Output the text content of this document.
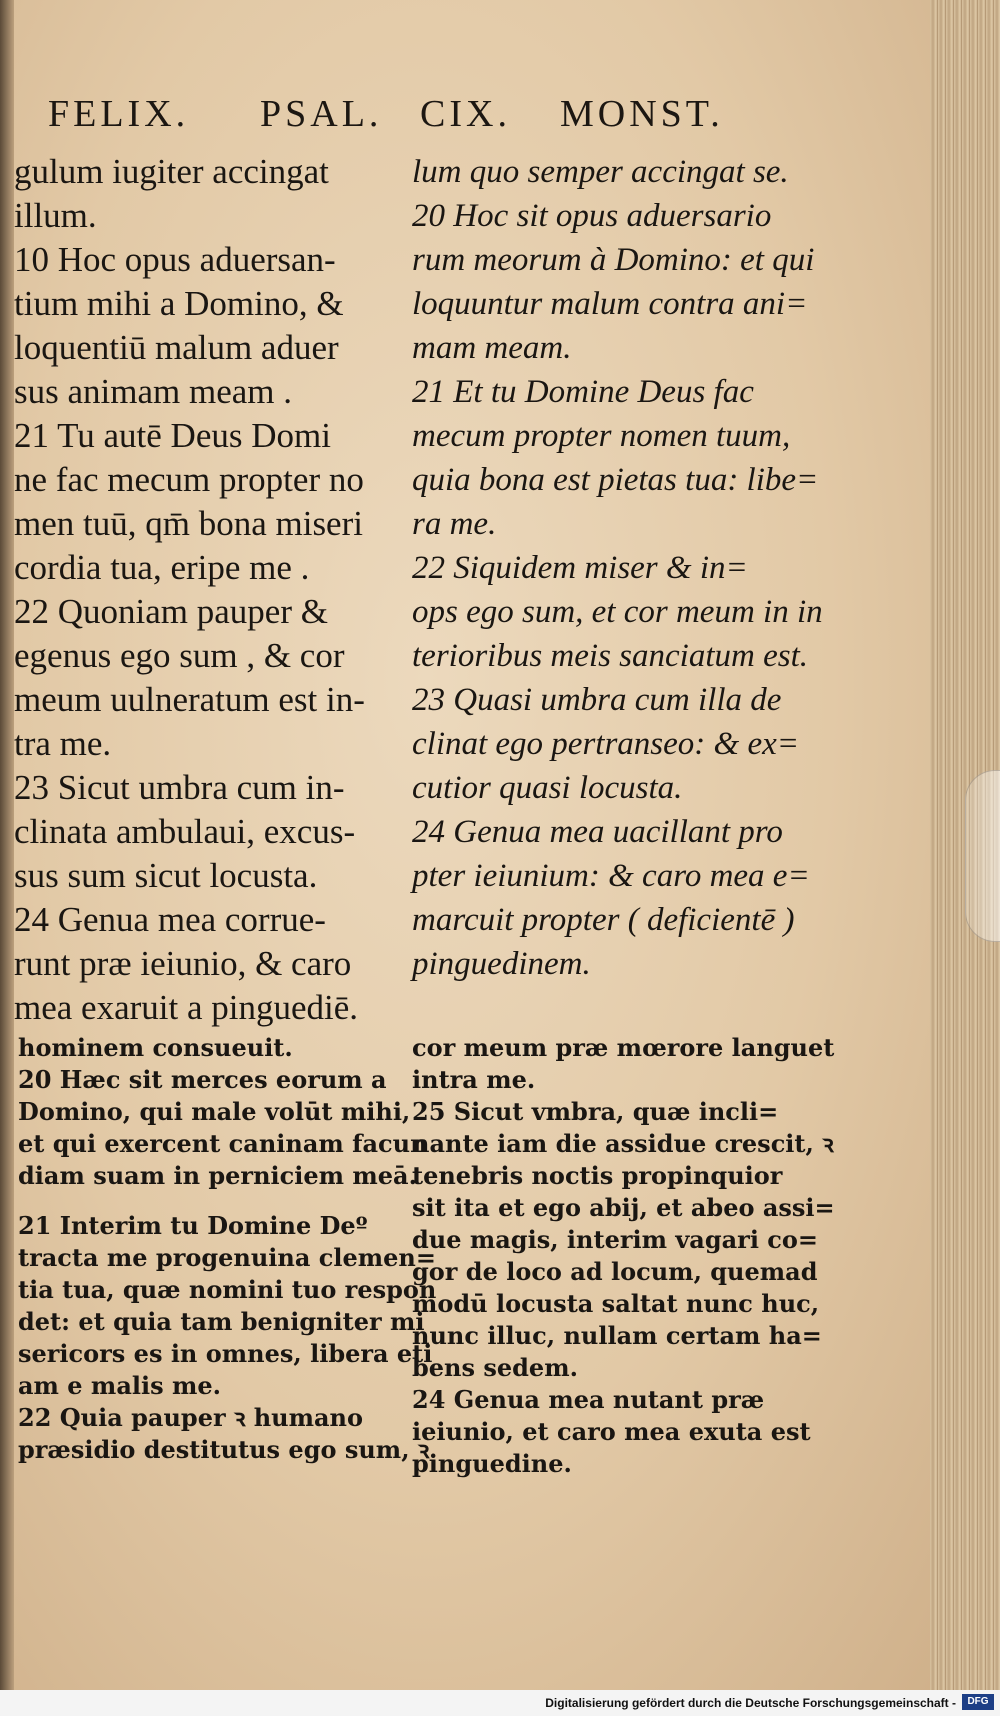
FELIX. PSAL. CIX. MONST.
gulum iugiter accingat
illum.
10 Hoc opus aduersan-
tium mihi a Domino, &
loquentiū malum aduer
sus animam meam .
21 Tu autē Deus Domi
ne fac mecum propter no
men tuū, qm̄ bona miseri
cordia tua, eripe me .
22 Quoniam pauper &
egenus ego sum , & cor
meum uulneratum est in-
tra me.
23 Sicut umbra cum in-
clinata ambulaui, excus-
sus sum sicut locusta.
24 Genua mea corrue-
runt præ ieiunio, & caro
mea exaruit a pinguediē.
lum quo semper accingat se.
20 Hoc sit opus aduersario
rum meorum à Domino: et qui
loquuntur malum contra ani=
mam meam.
21 Et tu Domine Deus fac
mecum propter nomen tuum,
quia bona est pietas tua: libe=
ra me.
22 Siquidem miser & in=
ops ego sum, et cor meum in in
terioribus meis sanciatum est.
23 Quasi umbra cum illa de
clinat ego pertranseo: & ex=
cutior quasi locusta.
24 Genua mea uacillant pro
pter ieiunium: & caro mea e=
marcuit propter ( deficientē )
pinguedinem.
hominem consueuit.
20 Hæc sit merces eorum a
Domino, qui male volūt mihi,
et qui exercent caninam facun
diam suam in perniciem meā.
21 Interim tu Domine Deº
tracta me progenuina clemen=
tia tua, quæ nomini tuo respon
det: et quia tam benigniter mi
sericors es in omnes, libera eti
am e malis me.
22 Quia pauper ꝛ humano
præsidio destitutus ego sum, ꝛ
cor meum præ mœrore languet
intra me.
25 Sicut vmbra, quæ incli=
nante iam die assidue crescit, ꝛ
tenebris noctis propinquior
sit ita et ego abij, et abeo assi=
due magis, interim vagari co=
gor de loco ad locum, quemad
modū locusta saltat nunc huc,
nunc illuc, nullam certam ha=
bens sedem.
24 Genua mea nutant præ
ieiunio, et caro mea exuta est
pinguedine.
Digitalisierung gefördert durch die Deutsche Forschungsgemeinschaft -	DFG
